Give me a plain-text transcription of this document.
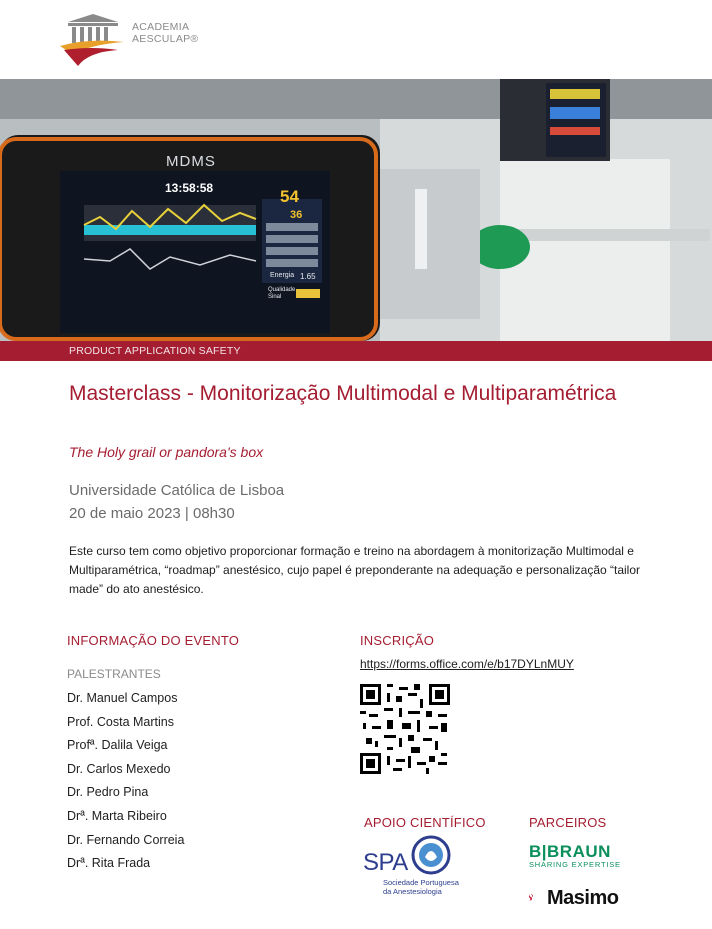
ACADEMIA
AESCULAP®
MDMS
13:58:58	54
36
Energia 1.65
Qualidade Sinal
PRODUCT APPLICATION SAFETY
Masterclass - Monitorização Multimodal e Multiparamétrica
The Holy grail or pandora's box
Universidade Católica de Lisboa
20 de maio 2023 | 08h30
Este curso tem como objetivo proporcionar formação e treino na abordagem à monitorização Multimodal e Multiparamétrica, “roadmap” anestésico, cujo papel é preponderante na adequação e personalização “tailor made” do ato anestésico.
INFORMAÇÃO DO EVENTO
PALESTRANTES
Dr. Manuel Campos
Prof. Costa Martins
Profª. Dalila Veiga
Dr. Carlos Mexedo
Dr. Pedro Pina
Drª. Marta Ribeiro
Dr. Fernando Correia
Drª. Rita Frada
INSCRIÇÃO
https://forms.office.com/e/b17DYLnMUY
APOIO CIENTÍFICO
SPA
Sociedade Portuguesa
da Anestesiologia
PARCEIROS
B|BRAUN
SHARING EXPERTISE
Masimo
